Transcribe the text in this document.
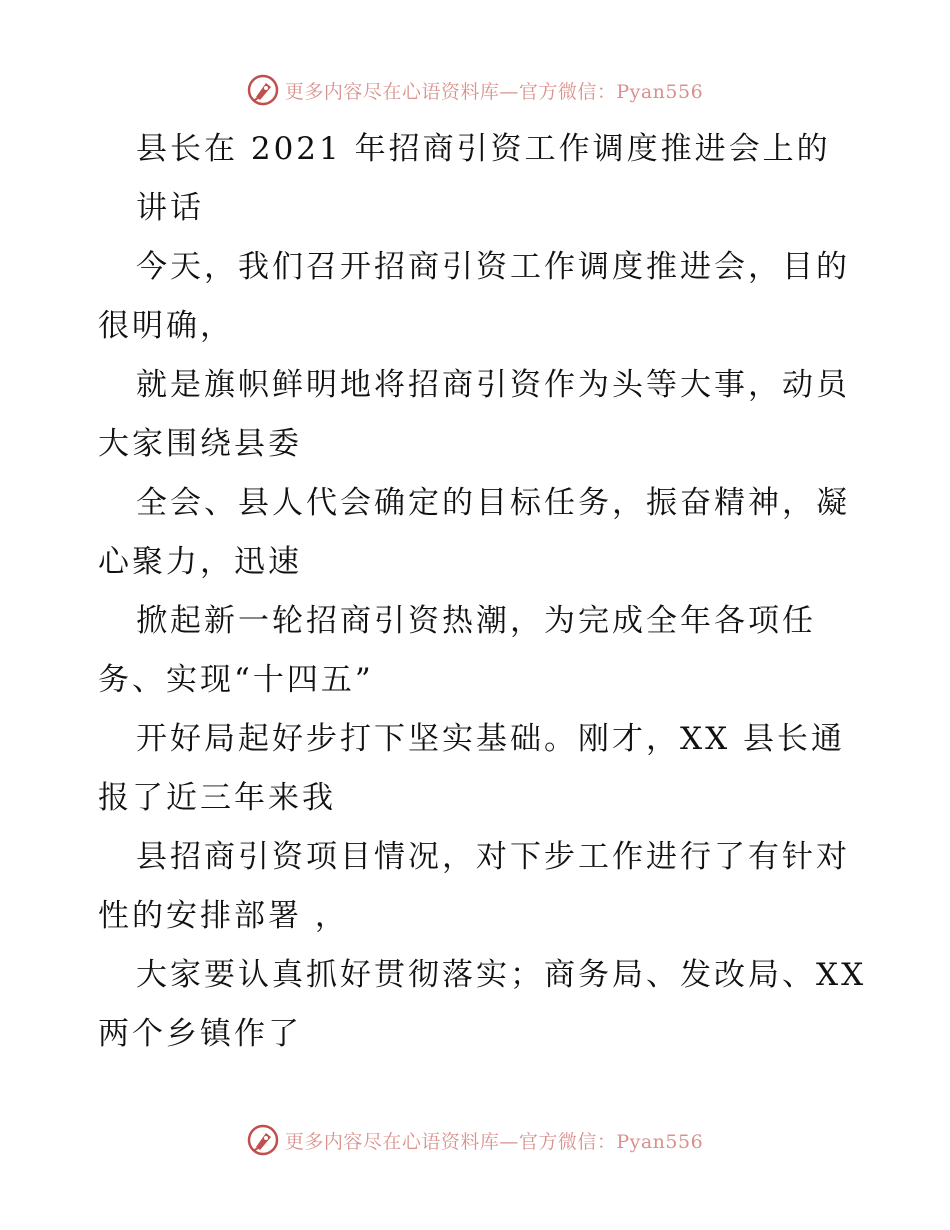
更多内容尽在心语资料库—官方微信：Pyan556
县长在 2021 年招商引资工作调度推进会上的
讲话
今天，我们召开招商引资工作调度推进会，目的
很明确，
就是旗帜鲜明地将招商引资作为头等大事，动员
大家围绕县委
全会、县人代会确定的目标任务，振奋精神，凝
心聚力，迅速
掀起新一轮招商引资热潮，为完成全年各项任
务、实现“十四五”
开好局起好步打下坚实基础。刚才，XX 县长通
报了近三年来我
县招商引资项目情况，对下步工作进行了有针对
性的安排部署 ，
大家要认真抓好贯彻落实；商务局、发改局、XX
两个乡镇作了
更多内容尽在心语资料库—官方微信：Pyan556
